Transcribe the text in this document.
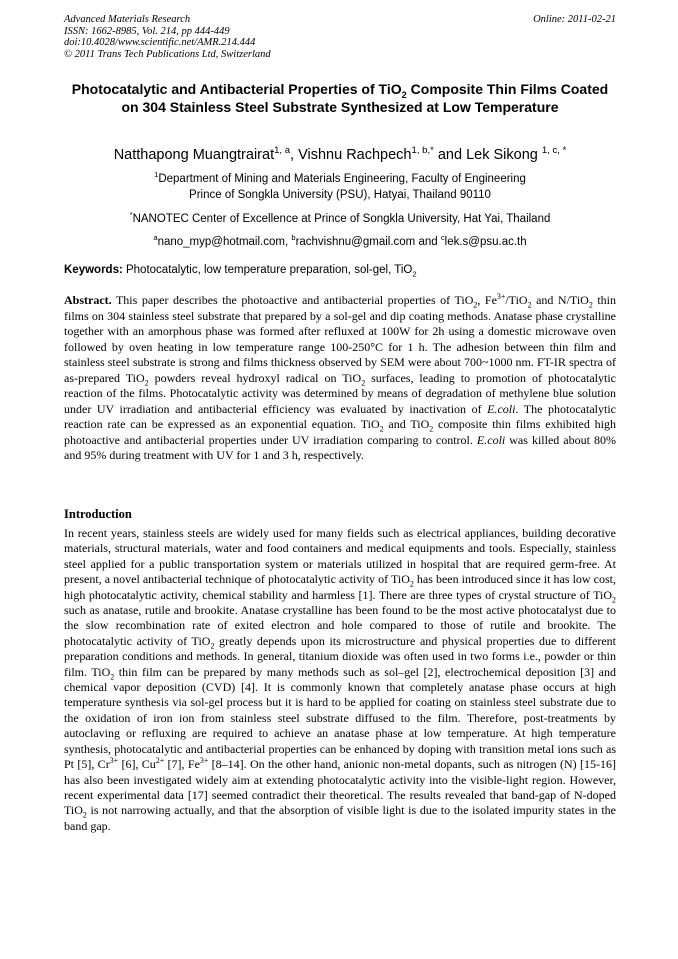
Advanced Materials Research
ISSN: 1662-8985, Vol. 214, pp 444-449
doi:10.4028/www.scientific.net/AMR.214.444
© 2011 Trans Tech Publications Ltd, Switzerland
Online: 2011-02-21
Photocatalytic and Antibacterial Properties of TiO$_2$ Composite Thin Films Coated on 304 Stainless Steel Substrate Synthesized at Low Temperature
Natthapong Muangtrairat$^{1, a}$, Vishnu Rachpech$^{1, b,*}$ and Lek Sikong $^{1, c, *}$
$^1$Department of Mining and Materials Engineering, Faculty of Engineering
Prince of Songkla University (PSU), Hatyai, Thailand 90110
*NANOTEC Center of Excellence at Prince of Songkla University, Hat Yai, Thailand
$^a$nano_myp@hotmail.com, $^b$rachvishnu@gmail.com and $^c$lek.s@psu.ac.th
Keywords: Photocatalytic, low temperature preparation, sol-gel, TiO$_2$
Abstract. This paper describes the photoactive and antibacterial properties of TiO$_2$, $Fe^{3+}/TiO_2$ and N/TiO$_2$ thin films on 304 stainless steel substrate that prepared by a sol-gel and dip coating methods. Anatase phase crystalline together with an amorphous phase was formed after refluxed at 100W for 2h using a domestic microwave oven followed by oven heating in low temperature range 100-250°C for 1 h. The adhesion between thin film and stainless steel substrate is strong and films thickness observed by SEM were about 700~1000 nm. FT-IR spectra of as-prepared TiO$_2$ powders reveal hydroxyl radical on TiO$_2$ surfaces, leading to promotion of photocatalytic reaction of the films. Photocatalytic activity was determined by means of degradation of methylene blue solution under UV irradiation and antibacterial efficiency was evaluated by inactivation of E.coli. The photocatalytic reaction rate can be expressed as an exponential equation. TiO$_2$ and TiO$_2$ composite thin films exhibited high photoactive and antibacterial properties under UV irradiation comparing to control. E.coli was killed about 80% and 95% during treatment with UV for 1 and 3 h, respectively.
Introduction
In recent years, stainless steels are widely used for many fields such as electrical appliances, building decorative materials, structural materials, water and food containers and medical equipments and tools. Especially, stainless steel applied for a public transportation system or materials utilized in hospital that are required germ-free. At present, a novel antibacterial technique of photocatalytic activity of TiO$_2$ has been introduced since it has low cost, high photocatalytic activity, chemical stability and harmless [1]. There are three types of crystal structure of TiO$_2$ such as anatase, rutile and brookite. Anatase crystalline has been found to be the most active photocatalyst due to the slow recombination rate of exited electron and hole compared to those of rutile and brookite. The photocatalytic activity of TiO$_2$ greatly depends upon its microstructure and physical properties due to different preparation conditions and methods. In general, titanium dioxide was often used in two forms i.e., powder or thin film. TiO$_2$ thin film can be prepared by many methods such as sol–gel [2], electrochemical deposition [3] and chemical vapor deposition (CVD) [4]. It is commonly known that completely anatase phase occurs at high temperature synthesis via sol-gel process but it is hard to be applied for coating on stainless steel substrate due to the oxidation of iron ion from stainless steel substrate diffused to the film. Therefore, post-treatments by autoclaving or refluxing are required to achieve an anatase phase at low temperature. At high temperature synthesis, photocatalytic and antibacterial properties can be enhanced by doping with transition metal ions such as Pt [5], $Cr^{3+}$ [6], $Cu^{2+}$ [7], $Fe^{3+}$ [8–14]. On the other hand, anionic non-metal dopants, such as nitrogen (N) [15-16] has also been investigated widely aim at extending photocatalytic activity into the visible-light region. However, recent experimental data [17] seemed contradict their theoretical. The results revealed that band-gap of N-doped TiO$_2$ is not narrowing actually, and that the absorption of visible light is due to the isolated impurity states in the band gap.
